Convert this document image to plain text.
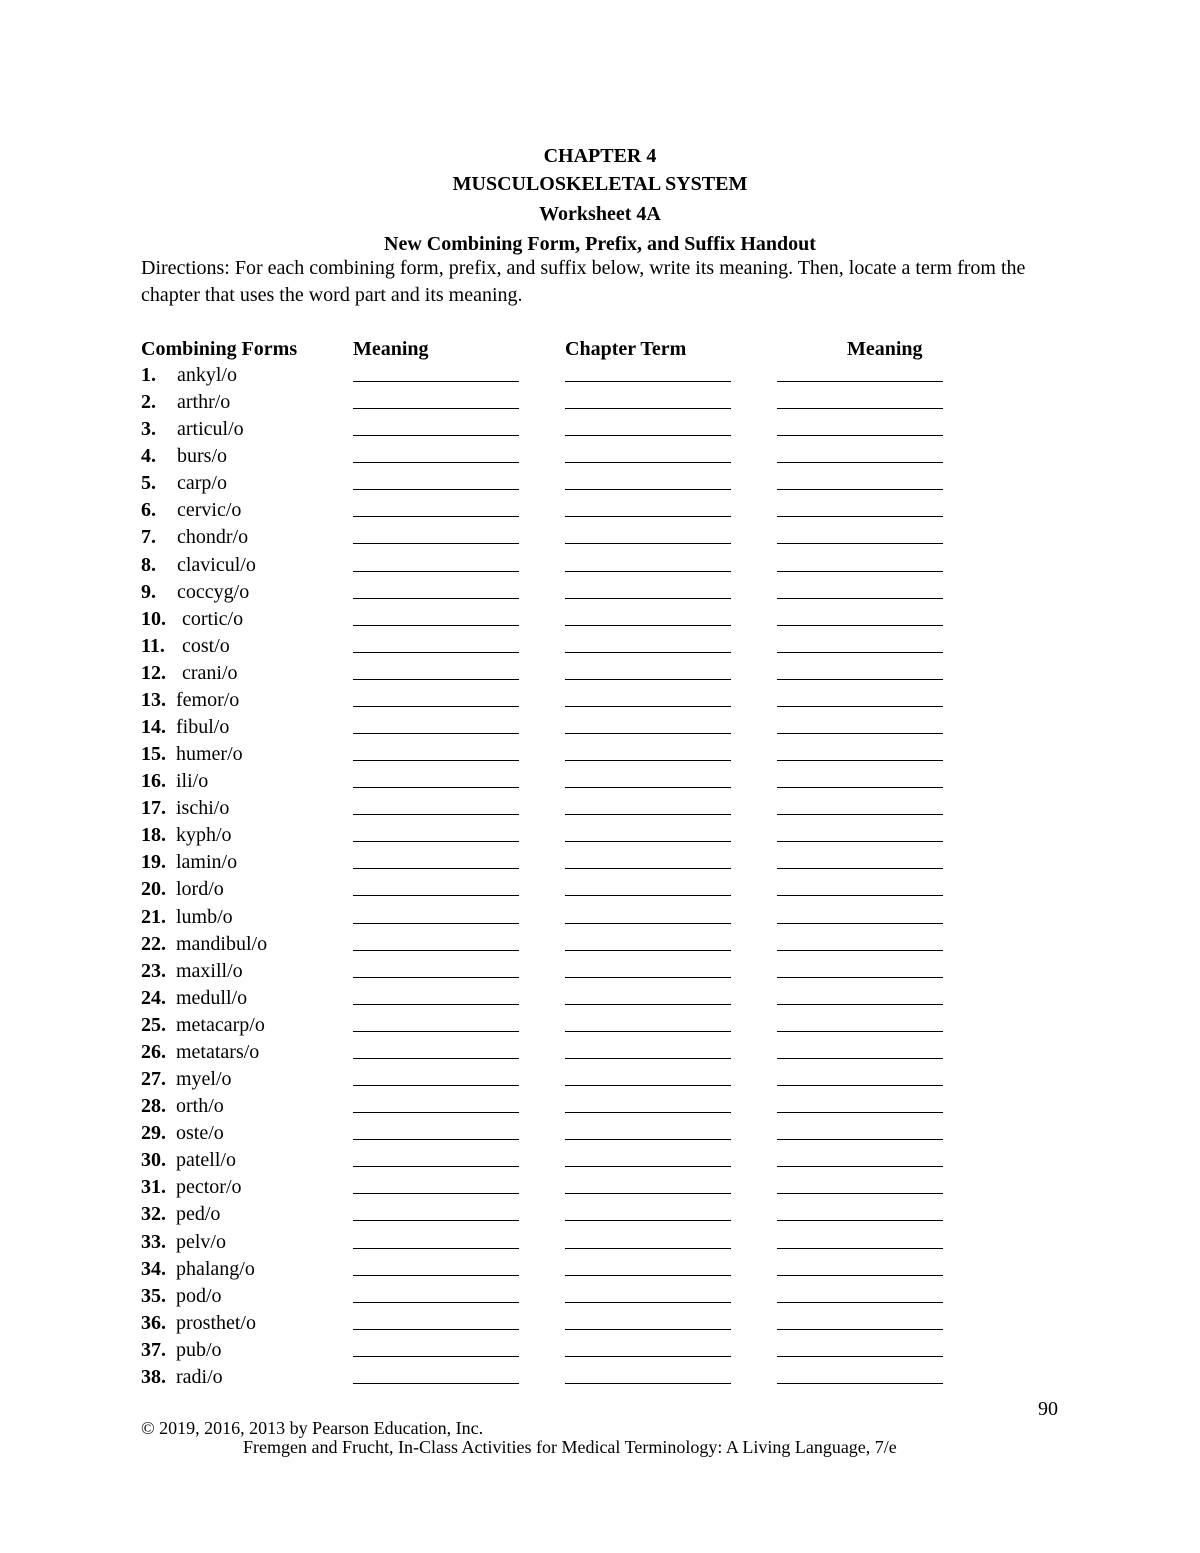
CHAPTER 4
MUSCULOSKELETAL SYSTEM
Worksheet 4A
New Combining Form, Prefix, and Suffix Handout
Directions: For each combining form, prefix, and suffix below, write its meaning. Then, locate a term from the chapter that uses the word part and its meaning.
Combining Forms	Meaning	Chapter Term	Meaning
1. ankyl/o
2. arthr/o
3. articul/o
4. burs/o
5. carp/o
6. cervic/o
7. chondr/o
8. clavicul/o
9. coccyg/o
10. cortic/o
11. cost/o
12. crani/o
13. femor/o
14. fibul/o
15. humer/o
16. ili/o
17. ischi/o
18. kyph/o
19. lamin/o
20. lord/o
21. lumb/o
22. mandibul/o
23. maxill/o
24. medull/o
25. metacarp/o
26. metatars/o
27. myel/o
28. orth/o
29. oste/o
30. patell/o
31. pector/o
32. ped/o
33. pelv/o
34. phalang/o
35. pod/o
36. prosthet/o
37. pub/o
38. radi/o
90
© 2019, 2016, 2013 by Pearson Education, Inc.
Fremgen and Frucht, In-Class Activities for Medical Terminology: A Living Language, 7/e
